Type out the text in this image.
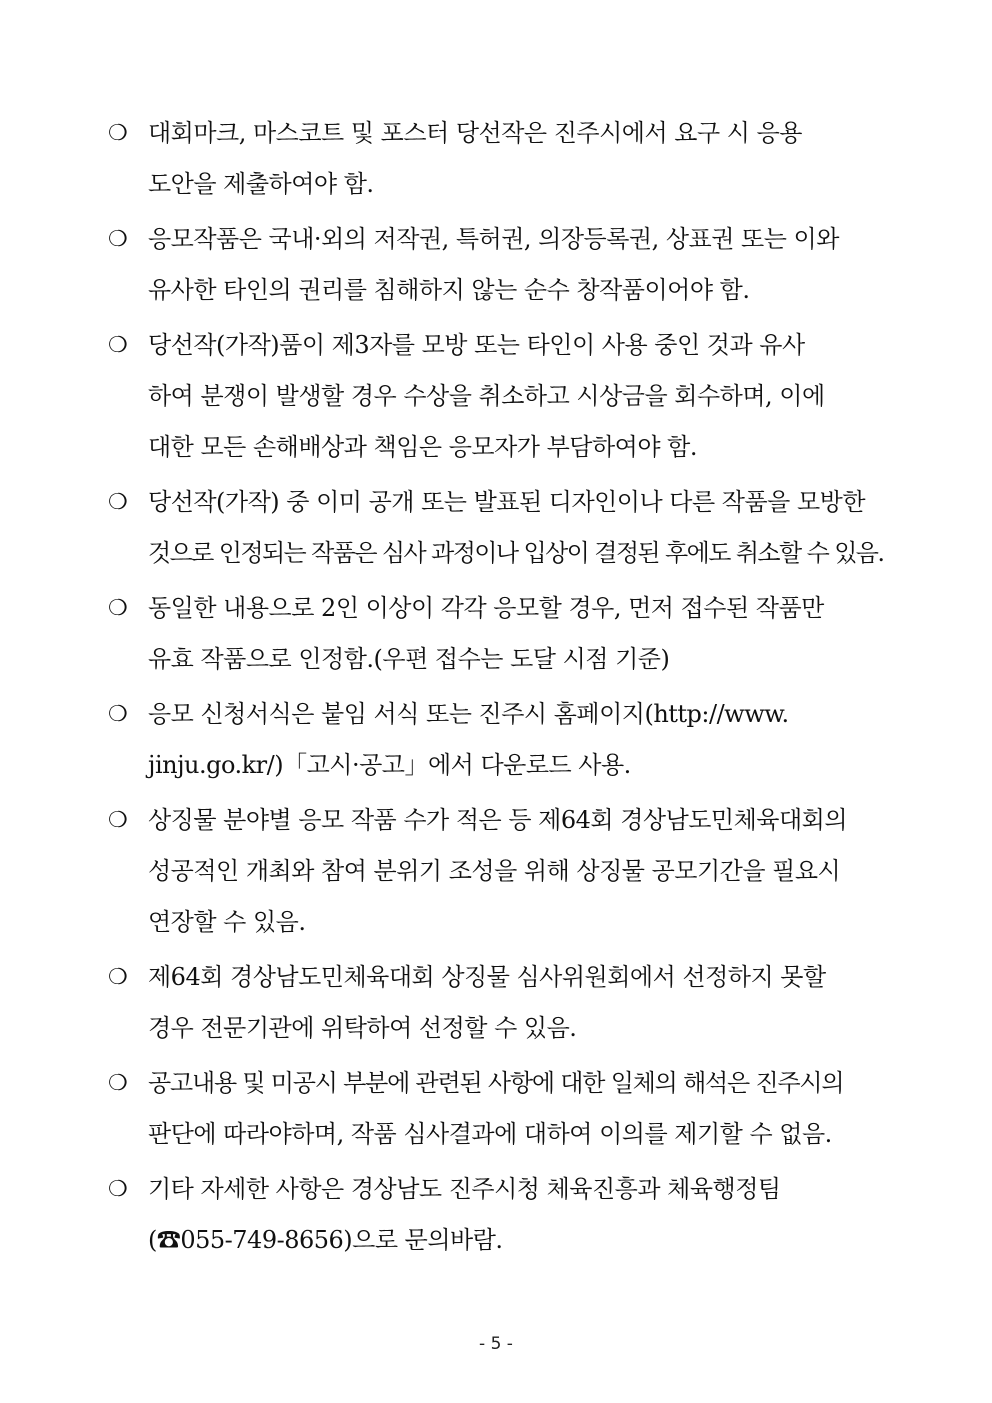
❍ 대회마크, 마스코트 및 포스터 당선작은 진주시에서 요구 시 응용
도안을 제출하여야 함.
❍ 응모작품은 국내·외의 저작권, 특허권, 의장등록권, 상표권 또는 이와
유사한 타인의 권리를 침해하지 않는 순수 창작품이어야 함.
❍ 당선작(가작)품이 제3자를 모방 또는 타인이 사용 중인 것과 유사
하여 분쟁이 발생할 경우 수상을 취소하고 시상금을 회수하며, 이에
대한 모든 손해배상과 책임은 응모자가 부담하여야 함.
❍ 당선작(가작) 중 이미 공개 또는 발표된 디자인이나 다른 작품을 모방한
것으로 인정되는 작품은 심사 과정이나 입상이 결정된 후에도 취소할 수 있음.
❍ 동일한 내용으로 2인 이상이 각각 응모할 경우, 먼저 접수된 작품만
유효 작품으로 인정함.(우편 접수는 도달 시점 기준)
❍ 응모 신청서식은 붙임 서식 또는 진주시 홈페이지(http://www.
jinju.go.kr/)「고시·공고」에서 다운로드 사용.
❍ 상징물 분야별 응모 작품 수가 적은 등 제64회 경상남도민체육대회의
성공적인 개최와 참여 분위기 조성을 위해 상징물 공모기간을 필요시
연장할 수 있음.
❍ 제64회 경상남도민체육대회 상징물 심사위원회에서 선정하지 못할
경우 전문기관에 위탁하여 선정할 수 있음.
❍ 공고내용 및 미공시 부분에 관련된 사항에 대한 일체의 해석은 진주시의
판단에 따라야하며, 작품 심사결과에 대하여 이의를 제기할 수 없음.
❍ 기타 자세한 사항은 경상남도 진주시청 체육진흥과 체육행정팀
(☎055-749-8656)으로 문의바람.
- 5 -
